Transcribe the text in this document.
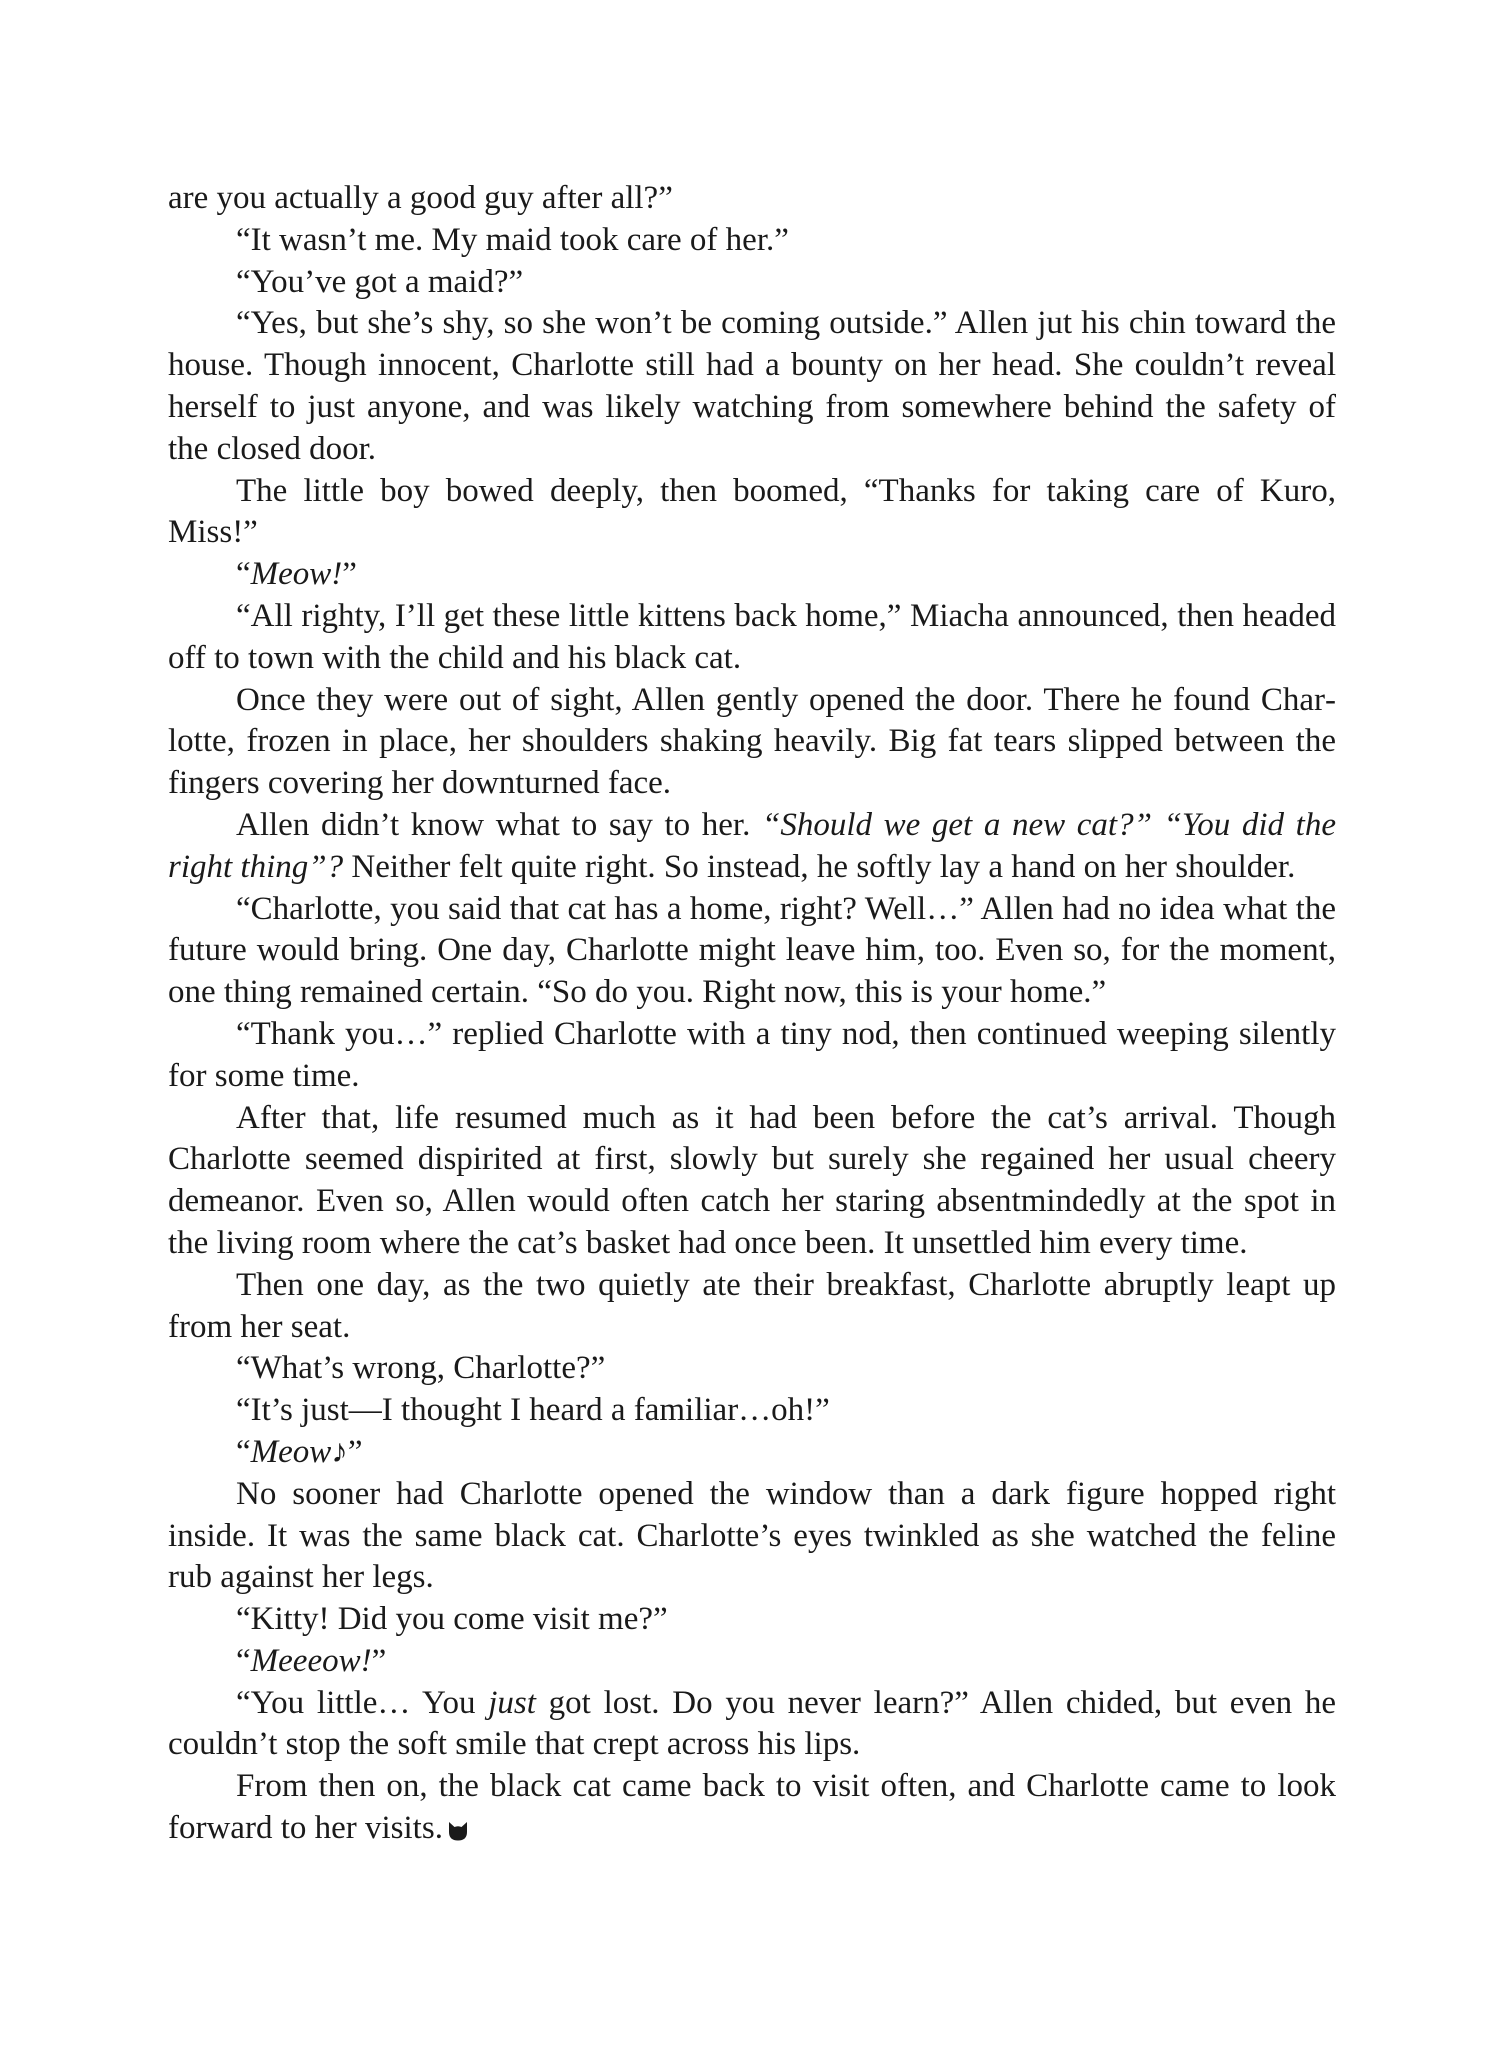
are you actually a good guy after all?”

“It wasn’t me. My maid took care of her.”

“You’ve got a maid?”

“Yes, but she’s shy, so she won’t be coming outside.” Allen jut his chin toward the house. Though innocent, Charlotte still had a bounty on her head. She couldn’t reveal herself to just anyone, and was likely watching from somewhere behind the safety of the closed door.

The little boy bowed deeply, then boomed, “Thanks for taking care of Kuro, Miss!”

“Meow!”

“All righty, I’ll get these little kittens back home,” Miacha announced, then headed off to town with the child and his black cat.

Once they were out of sight, Allen gently opened the door. There he found Charlotte, frozen in place, her shoulders shaking heavily. Big fat tears slipped between the fingers covering her downturned face.

Allen didn’t know what to say to her. “Should we get a new cat?” “You did the right thing”? Neither felt quite right. So instead, he softly lay a hand on her shoulder.

“Charlotte, you said that cat has a home, right? Well…” Allen had no idea what the future would bring. One day, Charlotte might leave him, too. Even so, for the moment, one thing remained certain. “So do you. Right now, this is your home.”

“Thank you…” replied Charlotte with a tiny nod, then continued weeping silently for some time.

After that, life resumed much as it had been before the cat’s arrival. Though Charlotte seemed dispirited at first, slowly but surely she regained her usual cheery demeanor. Even so, Allen would often catch her staring absentmindedly at the spot in the living room where the cat’s basket had once been. It unsettled him every time.

Then one day, as the two quietly ate their breakfast, Charlotte abruptly leapt up from her seat.

“What’s wrong, Charlotte?”

“It’s just—I thought I heard a familiar…oh!”

“Meow♪”

No sooner had Charlotte opened the window than a dark figure hopped right inside. It was the same black cat. Charlotte’s eyes twinkled as she watched the feline rub against her legs.

“Kitty! Did you come visit me?”

“Meeeow!”

“You little… You just got lost. Do you never learn?” Allen chided, but even he couldn’t stop the soft smile that crept across his lips.

From then on, the black cat came back to visit often, and Charlotte came to look forward to her visits.
